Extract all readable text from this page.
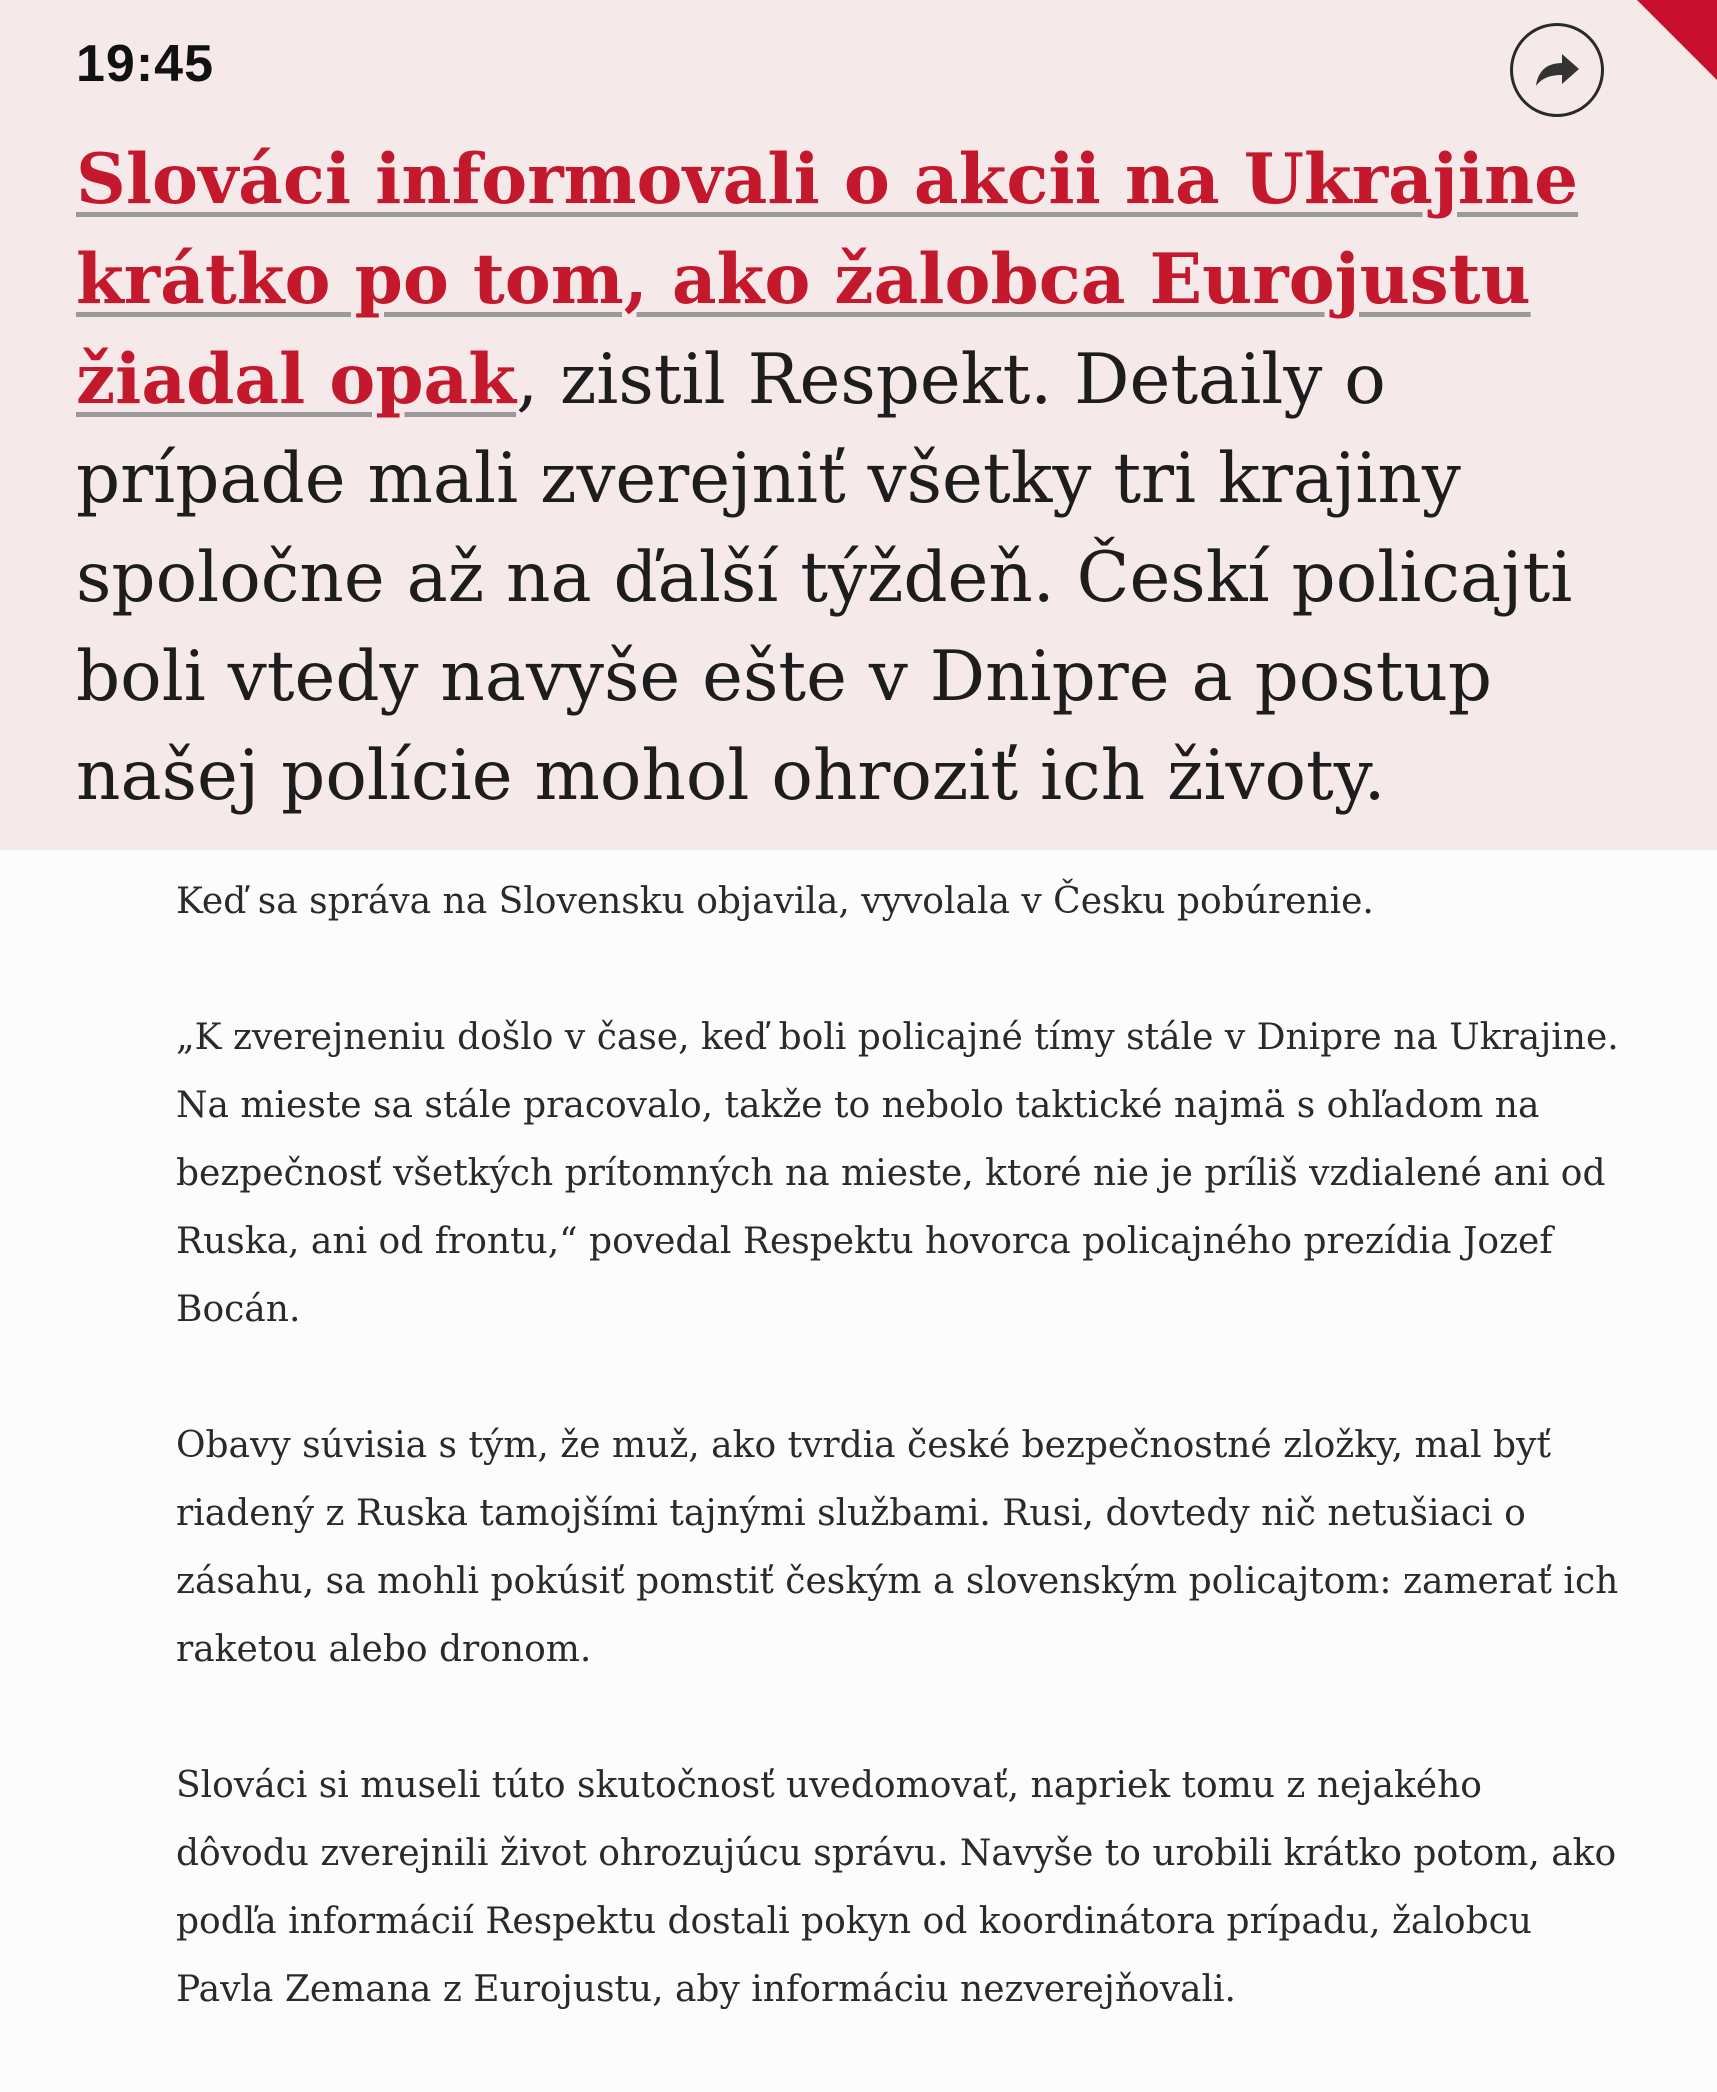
19:45

Slováci informovali o akcii na Ukrajine krátko po tom, ako žalobca Eurojustu žiadal opak, zistil Respekt. Detaily o prípade mali zverejniť všetky tri krajiny spoločne až na ďalší týždeň. Českí policajti boli vtedy navyše ešte v Dnipre a postup našej polície mohol ohroziť ich životy.

Keď sa správa na Slovensku objavila, vyvolala v Česku pobúrenie.

„K zverejneniu došlo v čase, keď boli policajné tímy stále v Dnipre na Ukrajine. Na mieste sa stále pracovalo, takže to nebolo taktické najmä s ohľadom na bezpečnosť všetkých prítomných na mieste, ktoré nie je príliš vzdialené ani od Ruska, ani od frontu,“ povedal Respektu hovorca policajného prezídia Jozef Bocán.

Obavy súvisia s tým, že muž, ako tvrdia české bezpečnostné zložky, mal byť riadený z Ruska tamojšími tajnými službami. Rusi, dovtedy nič netušiaci o zásahu, sa mohli pokúsiť pomstiť českým a slovenským policajtom: zamerať ich raketou alebo dronom.

Slováci si museli túto skutočnosť uvedomovať, napriek tomu z nejakého dôvodu zverejnili život ohrozujúcu správu. Navyše to urobili krátko potom, ako podľa informácií Respektu dostali pokyn od koordinátora prípadu, žalobcu Pavla Zemana z Eurojustu, aby informáciu nezverejňovali.
